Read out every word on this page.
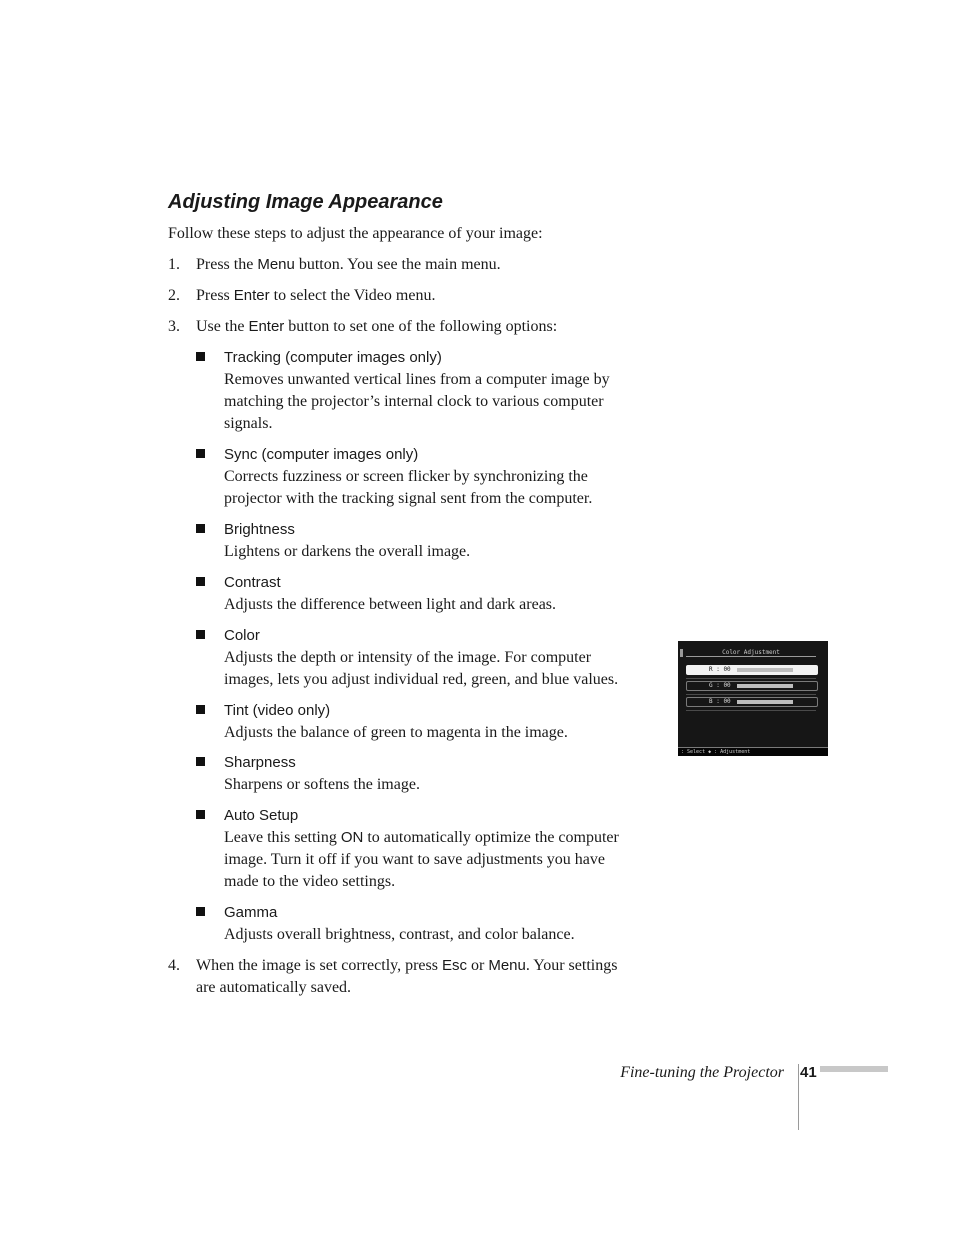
Adjusting Image Appearance

Follow these steps to adjust the appearance of your image:

1.	Press the Menu button. You see the main menu.
2.	Press Enter to select the Video menu.
3.	Use the Enter button to set one of the following options:
Tracking (computer images only)
Removes unwanted vertical lines from a computer image by matching the projector’s internal clock to various computer signals.
Sync (computer images only)
Corrects fuzziness or screen flicker by synchronizing the projector with the tracking signal sent from the computer.
Brightness
Lightens or darkens the overall image.
Contrast
Adjusts the difference between light and dark areas.
Color
Adjusts the depth or intensity of the image. For computer images, lets you adjust individual red, green, and blue values.
Tint (video only)
Adjusts the balance of green to magenta in the image.
Sharpness
Sharpens or softens the image.
Auto Setup
Leave this setting ON to automatically optimize the computer image. Turn it off if you want to save adjustments you have made to the video settings.
Gamma
Adjusts overall brightness, contrast, and color balance.
4.	When the image is set correctly, press Esc or Menu. Your settings are automatically saved.
Color Adjustment
R : 00
G : 00
B : 00
: Select ◆ : Adjustment
Fine-tuning the Projector 41
